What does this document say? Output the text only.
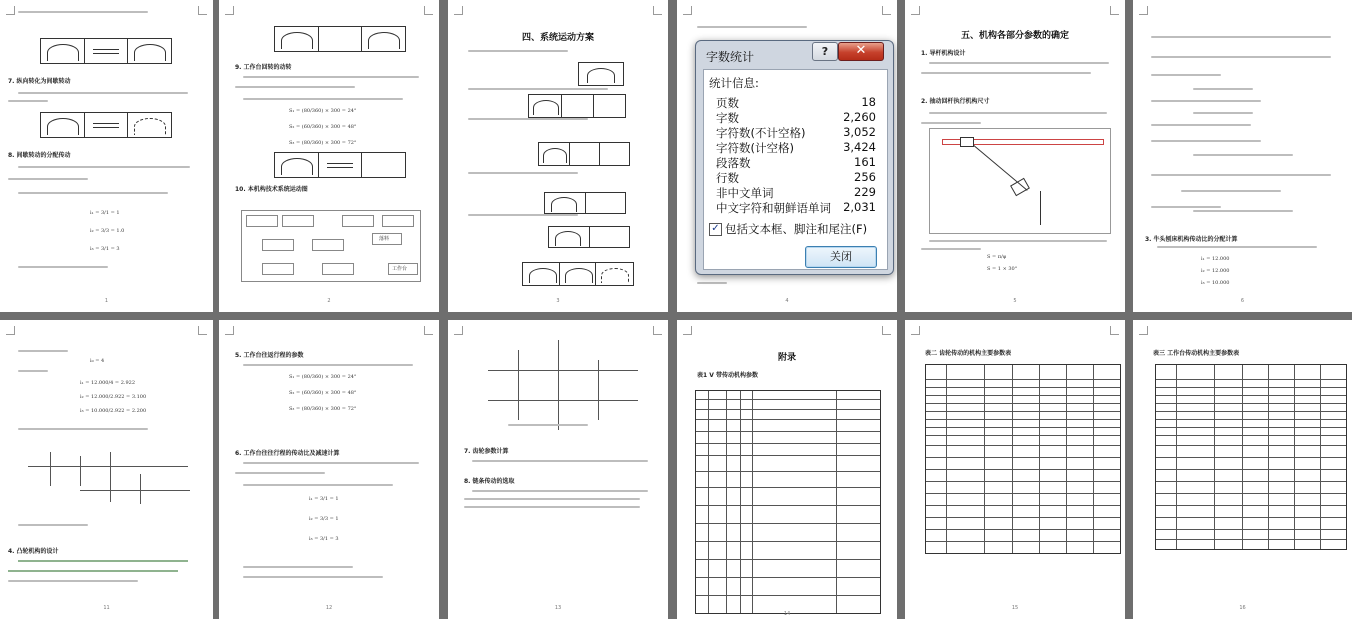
7. 纵向转化为间歇转动
8. 间歇转动的分配传动
i₁ = 3/1 = 1
i₂ = 3/3 = 1.0
i₃ = 3/1 = 3
1
9. 工作台回转的动转
S₁ = (80/360) × 300 = 24°
S₂ = (60/360) × 300 = 48°
S₃ = (80/360) × 300 = 72°
10. 本机构技术系统运动图
落料
工作台
2
四、系统运动方案
3	4
五、机构各部分参数的确定
1. 导杆机构设计
2. 抽动回杆执行机构尺寸
S = π/φ
S = 1 × 30°
5
3. 牛头刨床机构传动比的分配计算
i₁ = 12.000
i₂ = 12.000
i₃ = 10.000
6
i₀ = 4
i₁ = 12.000/4 = 2.922
i₂ = 12.000/2.922 = 3.100
i₃ = 10.000/2.922 = 2.200
4. 凸轮机构的设计
11
5. 工作台往返行程的参数
S₁ = (80/360) × 300 = 24°
S₂ = (60/360) × 300 = 48°
S₃ = (80/360) × 300 = 72°
6. 工作台往往行程的传动比及减速计算
i₁ = 3/1 = 1
i₂ = 3/3 = 1
i₃ = 3/1 = 3
12
7. 齿轮参数计算
8. 链条传动的选取
13
附录
表1 V 带传动机构参数
14
表二 齿轮传动的机构主要参数表
15
表三 工作台传动机构主要参数表
16
字数统计
统计信息:
页数	18
字数	2,260
字符数(不计空格)	3,052
字符数(计空格)	3,424
段落数	161
行数	256
非中文单词	229
中文字符和朝鲜语单词 2,031
✓ 包括文本框、脚注和尾注(F)
关闭
?	✕
